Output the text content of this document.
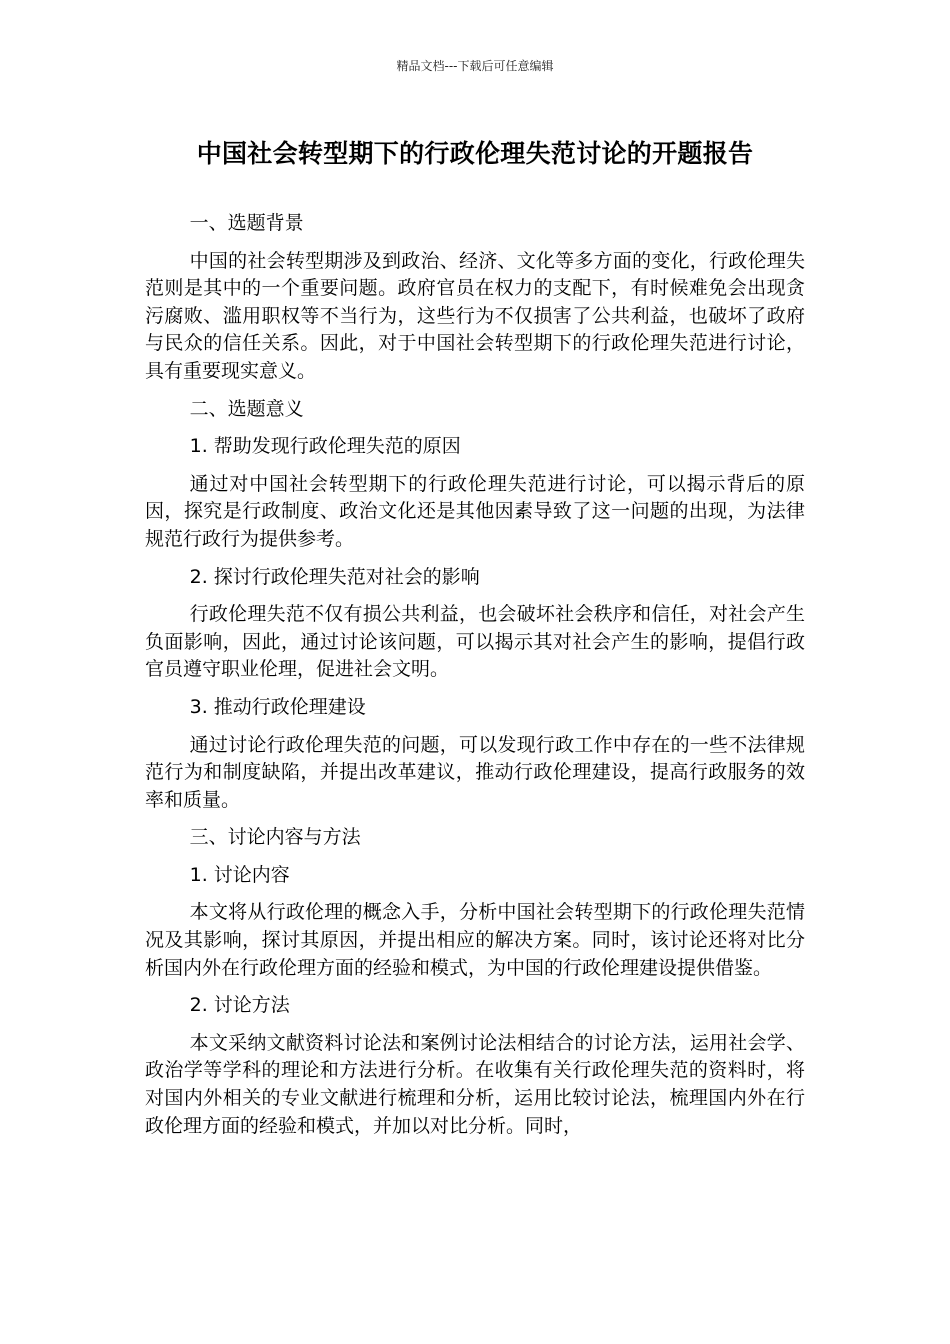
精品文档---下载后可任意编辑
中国社会转型期下的行政伦理失范讨论的开题报告

一、选题背景

中国的社会转型期涉及到政治、经济、文化等多方面的变化，行政伦理失范则是其中的一个重要问题。政府官员在权力的支配下，有时候难免会出现贪污腐败、滥用职权等不当行为，这些行为不仅损害了公共利益，也破坏了政府与民众的信任关系。因此，对于中国社会转型期下的行政伦理失范进行讨论，具有重要现实意义。

二、选题意义

1. 帮助发现行政伦理失范的原因

通过对中国社会转型期下的行政伦理失范进行讨论，可以揭示背后的原因，探究是行政制度、政治文化还是其他因素导致了这一问题的出现，为法律规范行政行为提供参考。

2. 探讨行政伦理失范对社会的影响

行政伦理失范不仅有损公共利益，也会破坏社会秩序和信任，对社会产生负面影响，因此，通过讨论该问题，可以揭示其对社会产生的影响，提倡行政官员遵守职业伦理，促进社会文明。

3. 推动行政伦理建设

通过讨论行政伦理失范的问题，可以发现行政工作中存在的一些不法律规范行为和制度缺陷，并提出改革建议，推动行政伦理建设，提高行政服务的效率和质量。

三、讨论内容与方法

1. 讨论内容

本文将从行政伦理的概念入手，分析中国社会转型期下的行政伦理失范情况及其影响，探讨其原因，并提出相应的解决方案。同时，该讨论还将对比分析国内外在行政伦理方面的经验和模式，为中国的行政伦理建设提供借鉴。

2. 讨论方法

本文采纳文献资料讨论法和案例讨论法相结合的讨论方法，运用社会学、政治学等学科的理论和方法进行分析。在收集有关行政伦理失范的资料时，将对国内外相关的专业文献进行梳理和分析，运用比较讨论法，梳理国内外在行政伦理方面的经验和模式，并加以对比分析。同时，
